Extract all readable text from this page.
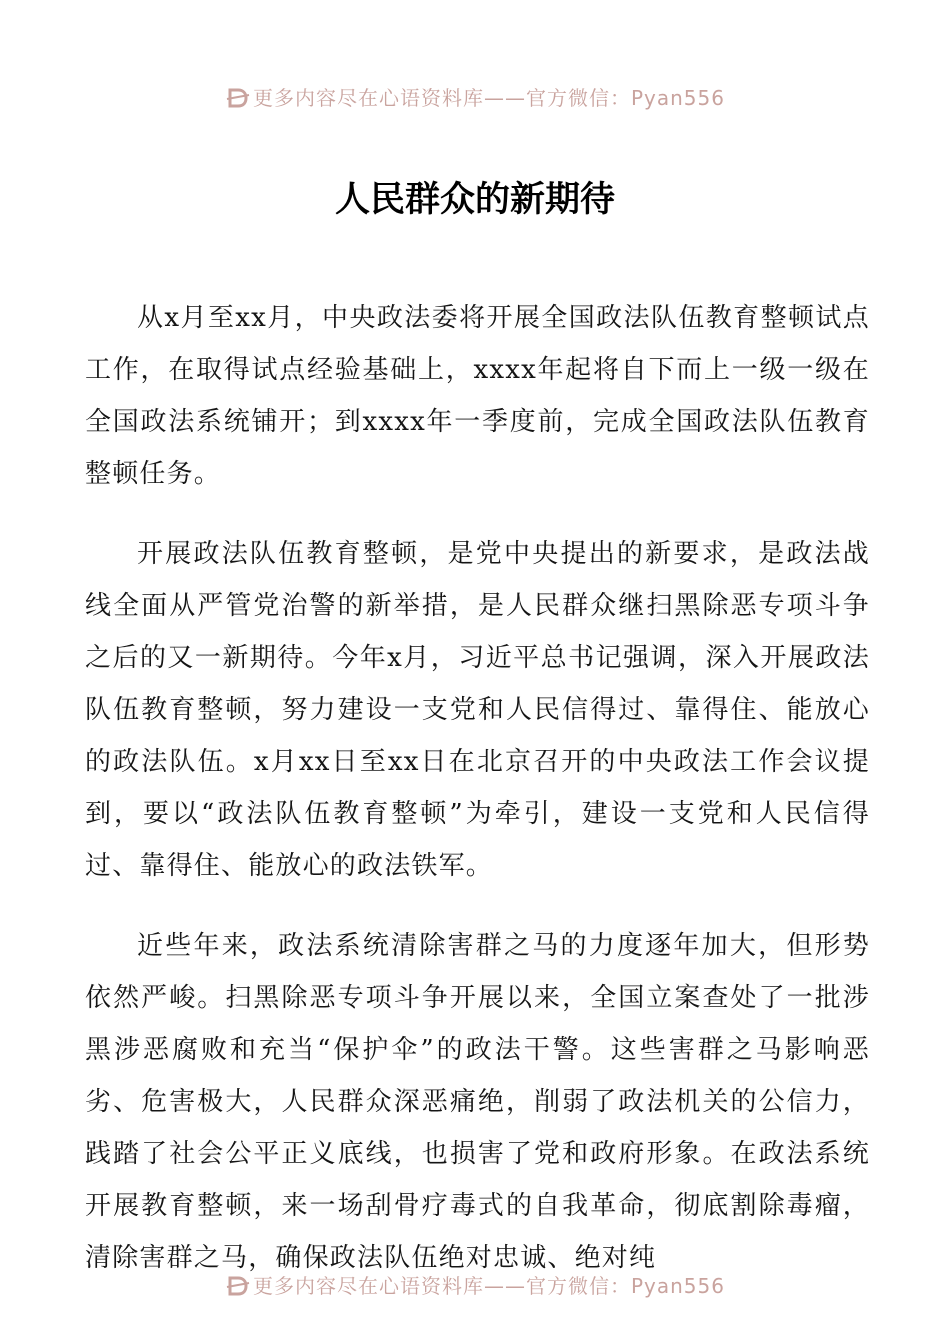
更多内容尽在心语资料库——官方微信：Pyan556
人民群众的新期待

从x月至xx月，中央政法委将开展全国政法队伍教育整顿试点工作，在取得试点经验基础上，xxxx年起将自下而上一级一级在全国政法系统铺开；到xxxx年一季度前，完成全国政法队伍教育整顿任务。

开展政法队伍教育整顿，是党中央提出的新要求，是政法战线全面从严管党治警的新举措，是人民群众继扫黑除恶专项斗争之后的又一新期待。今年x月，习近平总书记强调，深入开展政法队伍教育整顿，努力建设一支党和人民信得过、靠得住、能放心的政法队伍。x月xx日至xx日在北京召开的中央政法工作会议提到，要以“政法队伍教育整顿”为牵引，建设一支党和人民信得过、靠得住、能放心的政法铁军。

近些年来，政法系统清除害群之马的力度逐年加大，但形势依然严峻。扫黑除恶专项斗争开展以来，全国立案查处了一批涉黑涉恶腐败和充当“保护伞”的政法干警。这些害群之马影响恶劣、危害极大，人民群众深恶痛绝，削弱了政法机关的公信力，践踏了社会公平正义底线，也损害了党和政府形象。在政法系统开展教育整顿，来一场刮骨疗毒式的自我革命，彻底割除毒瘤，清除害群之马，确保政法队伍绝对忠诚、绝对纯

更多内容尽在心语资料库——官方微信：Pyan556
